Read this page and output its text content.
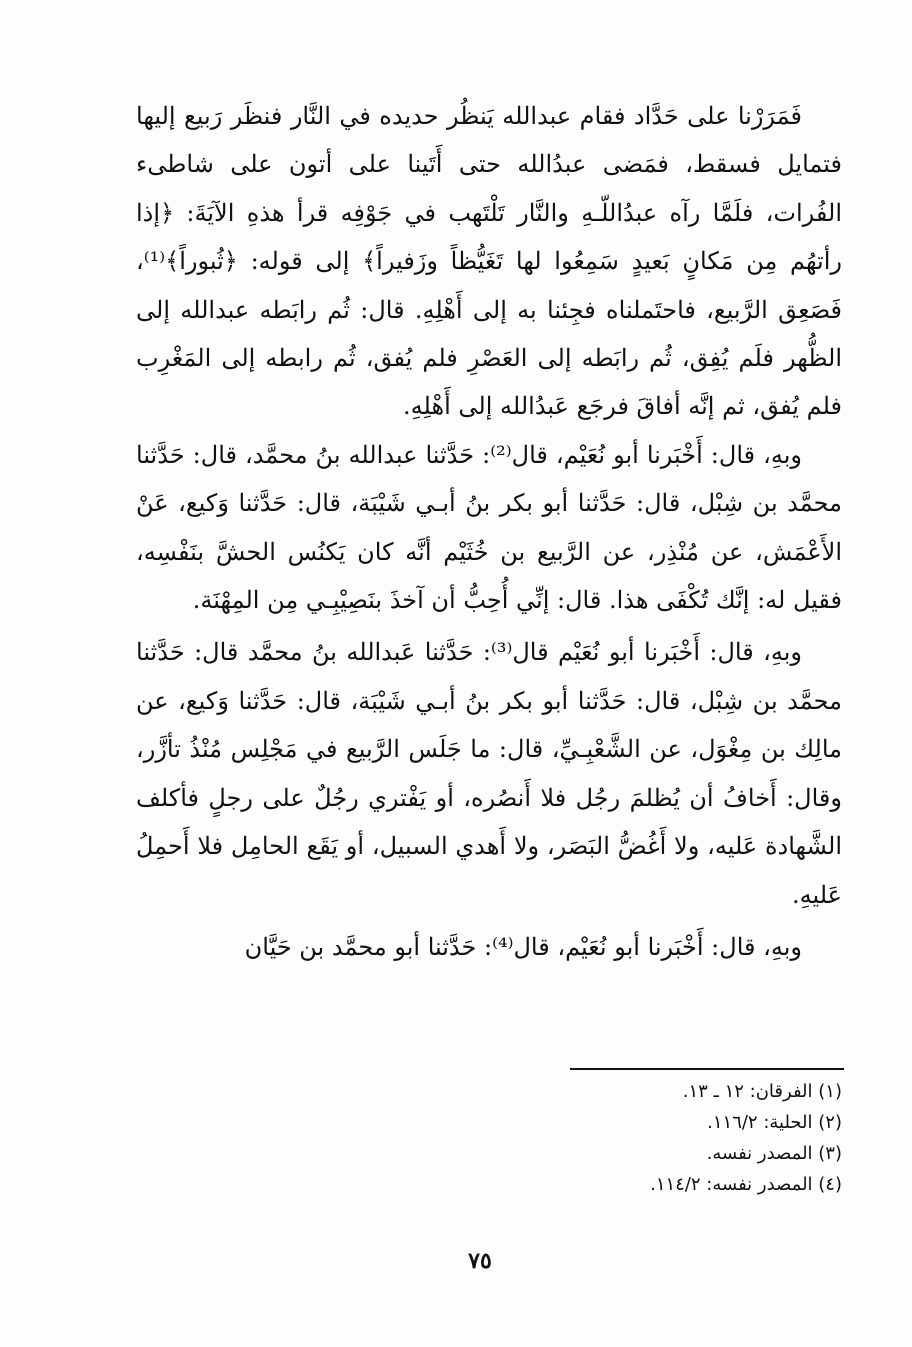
فَمَرَرْنا على حَدَّاد فقام عبدالله يَنظُر حديده في النَّار فنظَر رَبيع إليها فتمايل فسقط، فمَضى عبدُالله حتى أَتَينا على أتون على شاطىء الفُرات، فلَمَّا رآه عبدُاللّـهِ والنَّار تَلْتَهب في جَوْفِه قرأ هذهِ الآيَةَ: ﴿إذا رأتهُم مِن مَكانٍ بَعيدٍ سَمِعُوا لها تَغَيُّظاً وزَفيراً﴾ إلى قوله: ﴿ثُبوراً﴾⁽¹⁾، فَصَعِق الرَّبيع، فاحتَملناه فجِئنا به إلى أَهْلِهِ. قال: ثُم رابَطه عبدالله إلى الظُّهر فلَم يُفِق، ثُم رابَطه إلى العَصْرِ فلم يُفق، ثُم رابطه إلى المَغْرِب فلم يُفق، ثم إنَّه أفاقَ فرجَع عَبدُالله إلى أَهْلِهِ.

وبهِ، قال: أَخْبَرنا أبو نُعَيْم، قال⁽²⁾: حَدَّثنا عبدالله بنُ محمَّد، قال: حَدَّثنا محمَّد بن شِبْل، قال: حَدَّثنا أبو بكر بنُ أبـي شَيْبَة، قال: حَدَّثنا وَكيع، عَنْ الأَعْمَش، عن مُنْذِر، عن الرَّبيع بن خُثَيْم أنَّه كان يَكنُس الحشَّ بنَفْسِه، فقيل له: إنَّك تُكْفَى هذا. قال: إنِّي أُحِبُّ أن آخذَ بنَصِيْبِـي مِن المِهْنَة.

وبهِ، قال: أَخْبَرنا أبو نُعَيْم قال⁽³⁾: حَدَّثنا عَبدالله بنُ محمَّد قال: حَدَّثنا محمَّد بن شِبْل، قال: حَدَّثنا أبو بكر بنُ أبـي شَيْبَة، قال: حَدَّثنا وَكيع، عن مالِك بن مِغْوَل، عن الشَّعْبِـيِّ، قال: ما جَلَس الرَّبيع في مَجْلِس مُنْذُ تأزَّر، وقال: أَخافُ أن يُظلمَ رجُل فلا أَنصُره، أو يَفْتري رجُلٌ على رجلٍ فأكلف الشَّهادة عَليه، ولا أَغُضُّ البَصَر، ولا أَهدي السبيل، أو يَقَع الحامِل فلا أَحمِلُ عَليهِ.

وبهِ، قال: أَخْبَرنا أبو نُعَيْم، قال⁽⁴⁾: حَدَّثنا أبو محمَّد بن حَيَّان

(١) الفرقان: ١٢ ـ ١٣.

(٢) الحلية: ١١٦/٢.

(٣) المصدر نفسه.

(٤) المصدر نفسه: ١١٤/٢.

٧٥
